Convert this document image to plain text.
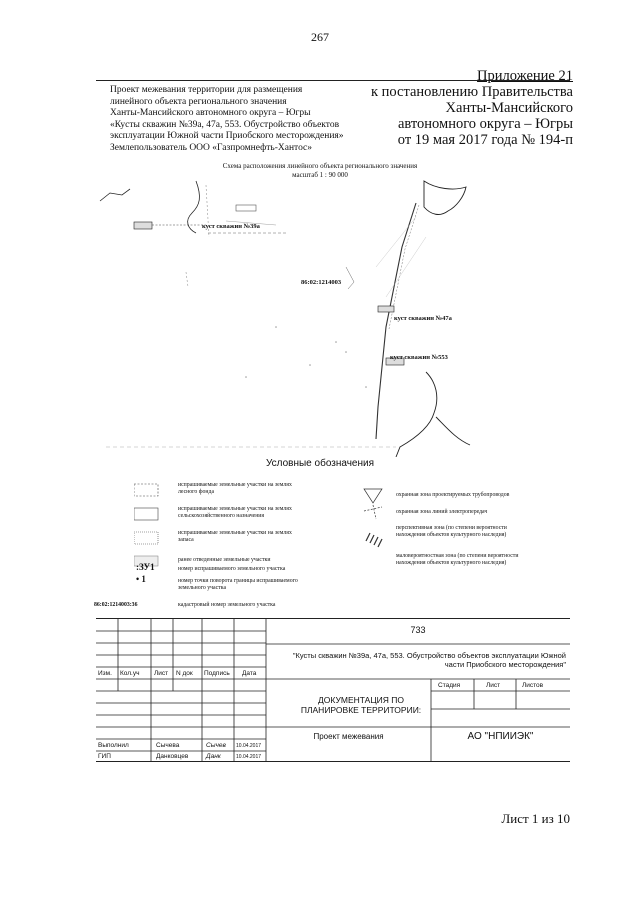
267
Проект межевания территории для размещения
линейного объекта регионального значения
Ханты-Мансийского автономного округа – Югры
«Кусты скважин №39а, 47а, 553. Обустройство объектов
эксплуатации Южной части Приобского месторождения»
Землепользователь ООО «Газпромнефть-Хантос»
Приложение 21
к постановлению Правительства
Ханты-Мансийского
автономного округа – Югры
от 19 мая 2017 года № 194-п
Схема расположения линейного объекта регионального значения
масштаб 1 : 90 000
куст скважин №39а
86:02:1214003
куст скважин №47а
куст скважин №553
Условные обозначения
испрашиваемые земельные участки на землях лесного фонда
испрашиваемые земельные участки на землях сельскохозяйственного назначения
испрашиваемые земельные участки на землях запаса
ранее отведенные земельные участки
:ЗУ1	номер испрашиваемого земельного участка
• 1	номер точки поворота границы испрашиваемого земельного участка
86:02:1214003:36	кадастровый номер земельного участка
охранная зона проектируемых трубопроводов
охранная зона линий электропередач
перспективная зона (по степени вероятности нахождения объектов культурного наследия)
маловероятностная зона (по степени вероятности нахождения объектов культурного наследия)
733
"Кусты скважин №39а, 47а, 553. Обустройство объектов эксплуатации Южной части Приобского месторождения"
Изм. Кол.уч Лист N док Подпись Дата
ДОКУМЕНТАЦИЯ ПО ПЛАНИРОВКЕ ТЕРРИТОРИИ:
Стадия	Лист	Листов
Проект межевания	АО "НПИИЭК"
Выполнил	Сычева	Сычев 10.04.2017
ГИП	Данковцев	Данк	10.04.2017
Лист 1 из 10
